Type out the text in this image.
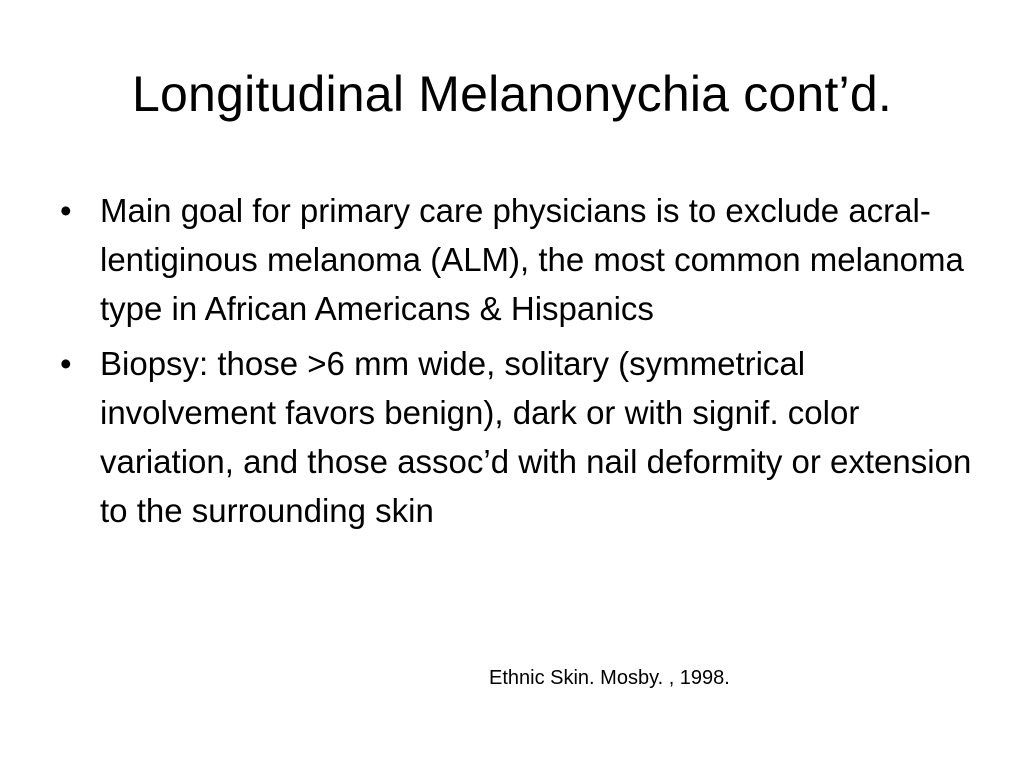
Longitudinal Melanonychia cont’d.
• Main goal for primary care physicians is to exclude acral-lentiginous melanoma (ALM), the most common melanoma type in African Americans & Hispanics
• Biopsy: those >6 mm wide, solitary (symmetrical involvement favors benign), dark or with signif. color variation, and those assoc’d with nail deformity or extension to the surrounding skin
Ethnic Skin. Mosby. , 1998.
